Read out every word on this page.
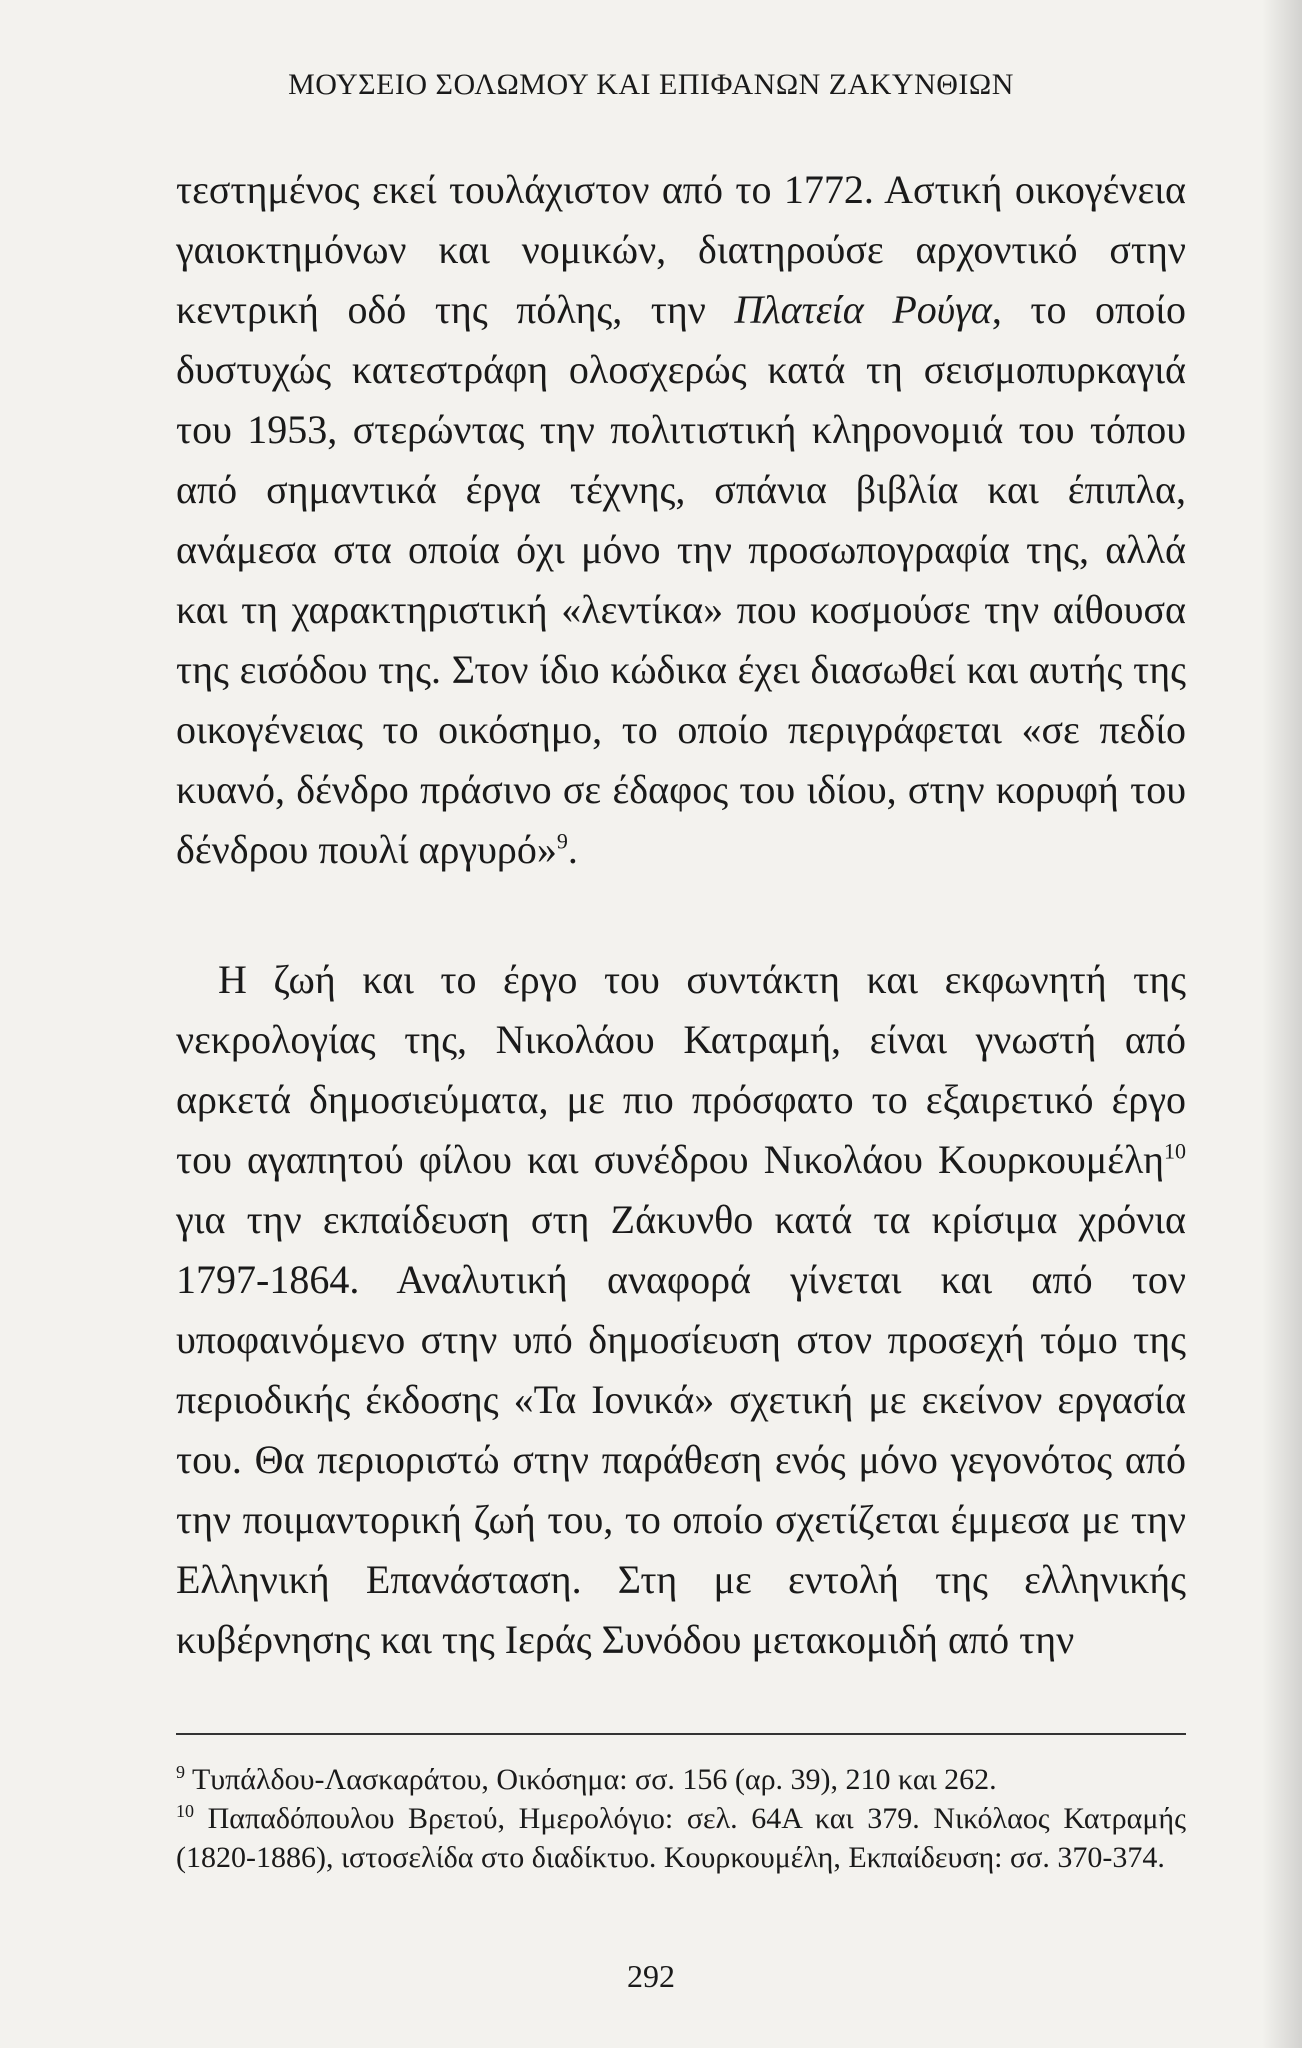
ΜΟΥΣΕΙΟ ΣΟΛΩΜΟΥ ΚΑΙ ΕΠΙΦΑΝΩΝ ΖΑΚΥΝΘΙΩΝ
τεστημένος εκεί τουλάχιστον από το 1772. Αστική οικογένεια γαιοκτημόνων και νομικών, διατηρούσε αρχοντικό στην κεντρική οδό της πόλης, την Πλατεία Ρούγα, το οποίο δυστυχώς κατεστράφη ολοσχερώς κατά τη σεισμοπυρκαγιά του 1953, στερώντας την πολιτιστική κληρονομιά του τόπου από σημαντικά έργα τέχνης, σπάνια βιβλία και έπιπλα, ανάμεσα στα οποία όχι μόνο την προσωπογραφία της, αλλά και τη χαρακτηριστική «λεντίκα» που κοσμούσε την αίθουσα της εισόδου της. Στον ίδιο κώδικα έχει διασωθεί και αυτής της οικογένειας το οικόσημο, το οποίο περιγράφεται «σε πεδίο κυανό, δένδρο πράσινο σε έδαφος του ιδίου, στην κορυφή του δένδρου πουλί αργυρό»$^9$.
Η ζωή και το έργο του συντάκτη και εκφωνητή της νεκρολογίας της, Νικολάου Κατραμή, είναι γνωστή από αρκετά δημοσιεύματα, με πιο πρόσφατο το εξαιρετικό έργο του αγαπητού φίλου και συνέδρου Νικολάου Κουρκουμέλη$^{10}$ για την εκπαίδευση στη Ζάκυνθο κατά τα κρίσιμα χρόνια 1797-1864. Αναλυτική αναφορά γίνεται και από τον υποφαινόμενο στην υπό δημοσίευση στον προσεχή τόμο της περιοδικής έκδοσης «Τα Ιονικά» σχετική με εκείνον εργασία του. Θα περιοριστώ στην παράθεση ενός μόνο γεγονότος από την ποιμαντορική ζωή του, το οποίο σχετίζεται έμμεσα με την Ελληνική Επανάσταση. Στη με εντολή της ελληνικής κυβέρνησης και της Ιεράς Συνόδου μετακομιδή από την

$^9$ Τυπάλδου-Λασκαράτου, Οικόσημα: σσ. 156 (αρ. 39), 210 και 262.

$^{10}$ Παπαδόπουλου Βρετού, Ημερολόγιο: σελ. 64Α και 379. Νικόλαος Κατραμής (1820-1886), ιστοσελίδα στο διαδίκτυο. Κουρκουμέλη, Εκπαίδευση: σσ. 370-374.

292
